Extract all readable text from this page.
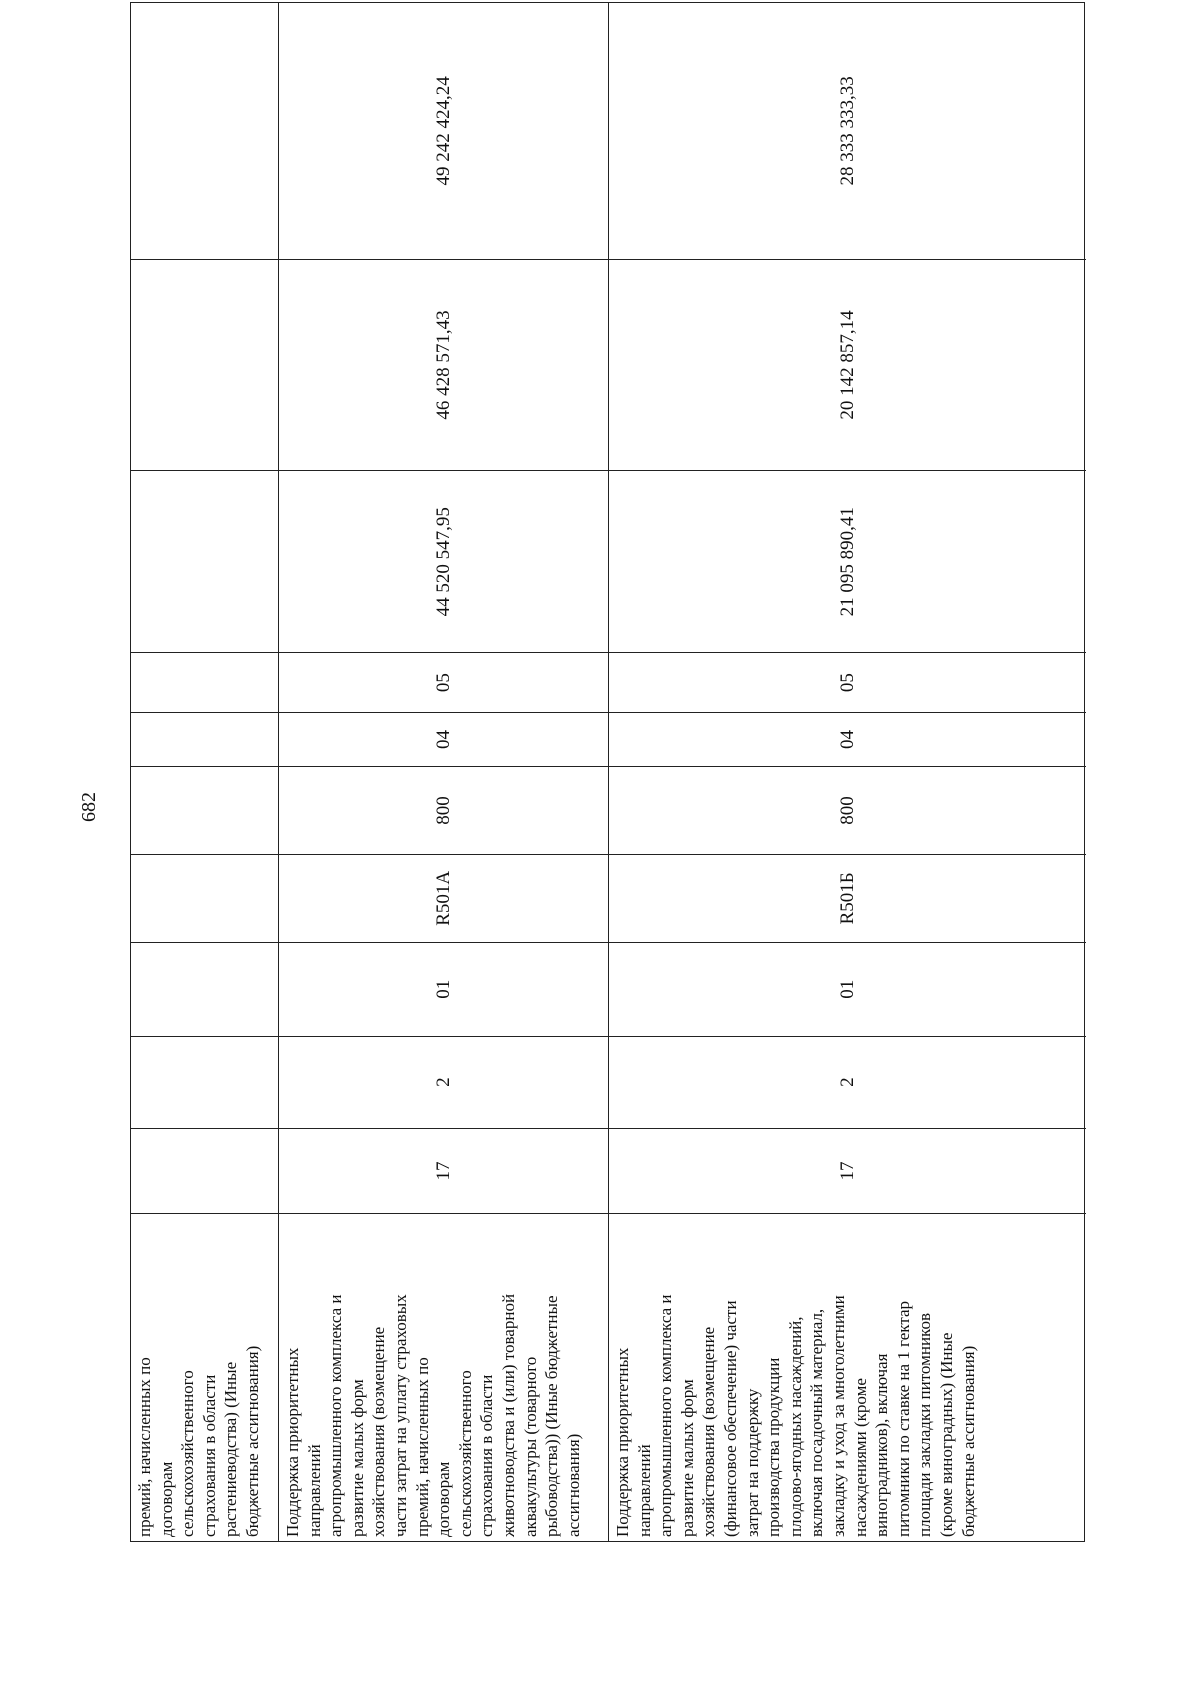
682
премий, начисленных по
договорам
сельскохозяйственного
страхования в области
растениеводства) (Иные
бюджетные ассигнования)
Поддержка приоритетных
направлений
агропромышленного комплекса и
развитие малых форм
хозяйствования (возмещение
части затрат на уплату страховых
премий, начисленных по
договорам
сельскохозяйственного
страхования в области
животноводства и (или) товарной
аквакультуры (товарного
рыбоводства)) (Иные бюджетные
ассигнования)
17
2
01
R501А
800
04
05
44 520 547,95
46 428 571,43
49 242 424,24
Поддержка приоритетных
направлений
агропромышленного комплекса и
развитие малых форм
хозяйствования (возмещение
(финансовое обеспечение) части
затрат на поддержку
производства продукции
плодово-ягодных насаждений,
включая посадочный материал,
закладку и уход за многолетними
насаждениями (кроме
виноградников), включая
питомники по ставке на 1 гектар
площади закладки питомников
(кроме виноградных) (Иные
бюджетные ассигнования)
17
2
01
R501Б
800
04
05
21 095 890,41
20 142 857,14
28 333 333,33
